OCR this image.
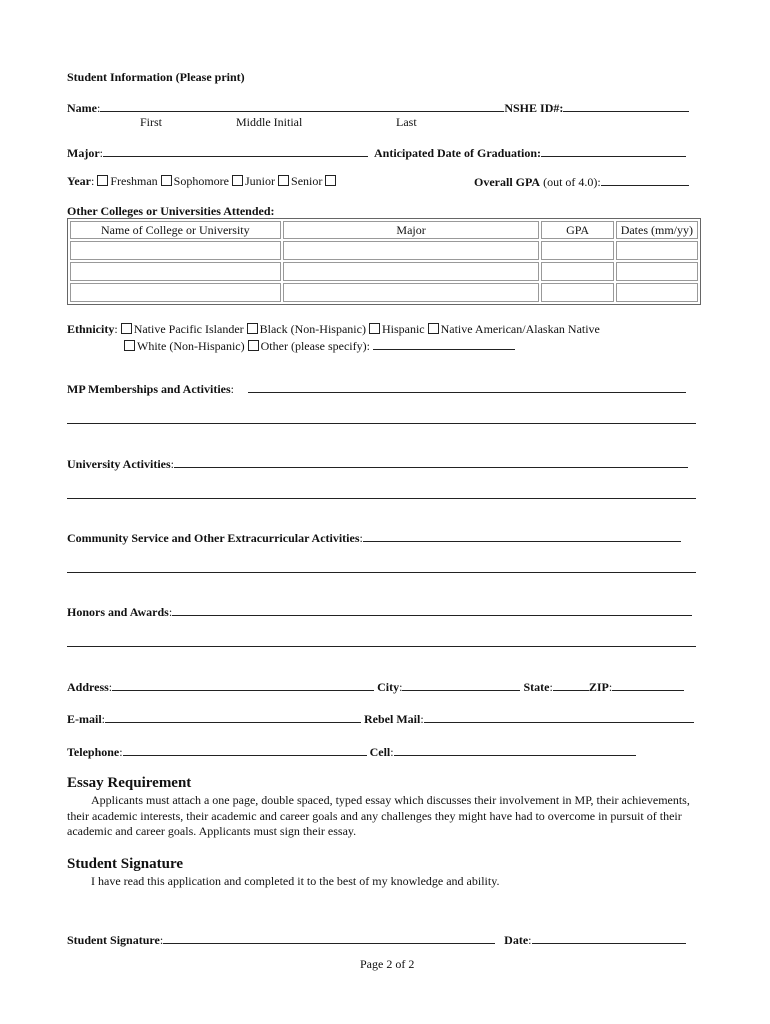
Student Information (Please print)
Name:	NSHE ID#:
First	Middle Initial	Last
Major:	Anticipated Date of Graduation:
Year: Freshman Sophomore Junior Senior	Overall GPA (out of 4.0):
Other Colleges or Universities Attended:
Name of College or University	Major	GPA	Dates (mm/yy)

Ethnicity: Native Pacific Islander Black (Non-Hispanic) Hispanic Native American/Alaskan Native
White (Non-Hispanic) Other (please specify):
MP Memberships and Activities:
University Activities:
Community Service and Other Extracurricular Activities:
Honors and Awards:
Address:	City:	State:	ZIP:
E-mail:	Rebel Mail:
Telephone:	Cell:
Essay Requirement
Applicants must attach a one page, double spaced, typed essay which discusses their involvement in MP, their achievements, their academic interests, their academic and career goals and any challenges they might have had to overcome in pursuit of their academic and career goals. Applicants must sign their essay.
Student Signature
I have read this application and completed it to the best of my knowledge and ability.
Student Signature:	Date:
Page 2 of 2
